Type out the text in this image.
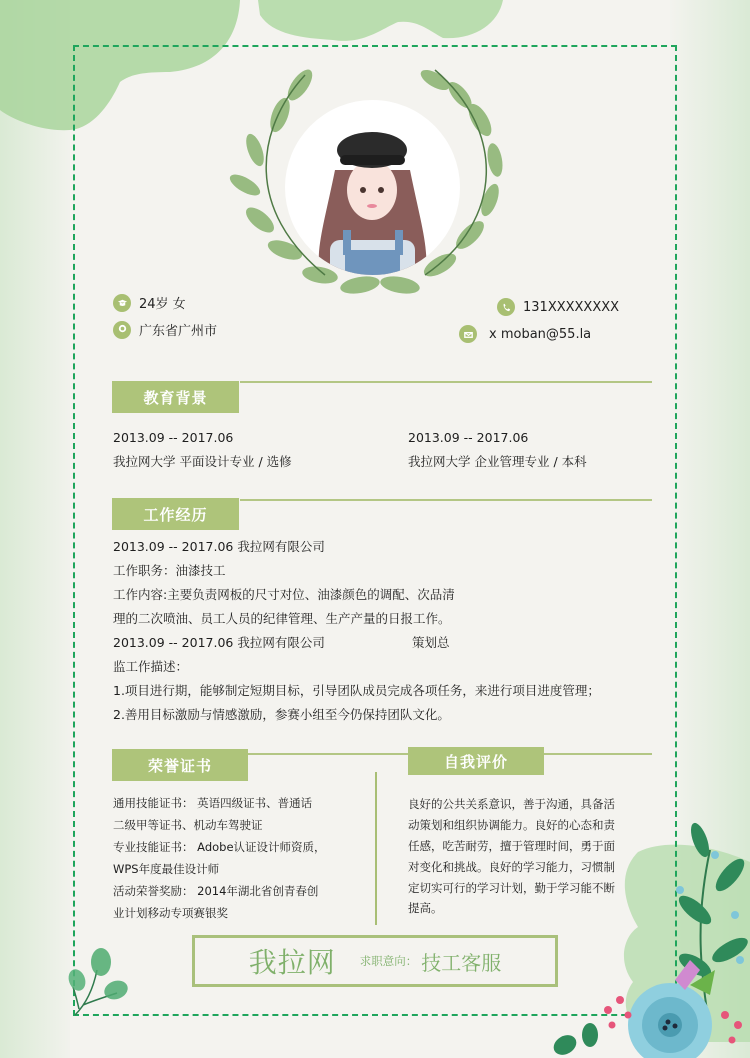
24岁 女
广东省广州市
131XXXXXXXX
x moban@55.la
教育背景
2013.09 -- 2017.06
我拉网大学 平面设计专业 / 选修
2013.09 -- 2017.06
我拉网大学 企业管理专业 / 本科
工作经历
2013.09 -- 2017.06 我拉网有限公司
工作职务：油漆技工
工作内容:主要负责网板的尺寸对位、油漆颜色的调配、次品清
理的二次喷油、员工人员的纪律管理、生产产量的日报工作。
2013.09 -- 2017.06 我拉网有限公司	策划总
监工作描述：
1.项目进行期，能够制定短期目标，引导团队成员完成各项任务，来进行项目进度管理；
2.善用目标激励与情感激励，参赛小组至今仍保持团队文化。
荣誉证书	自我评价
通用技能证书： 英语四级证书、普通话
二级甲等证书、机动车驾驶证
专业技能证书： Adobe认证设计师资质，
WPS年度最佳设计师
活动荣誉奖励： 2014年湖北省创青春创
业计划移动专项赛银奖
良好的公共关系意识，善于沟通，具备活
动策划和组织协调能力。良好的心态和责
任感，吃苦耐劳，擅于管理时间，勇于面
对变化和挑战。良好的学习能力，习惯制
定切实可行的学习计划，勤于学习能不断
提高。
我拉网 求职意向： 技工客服
